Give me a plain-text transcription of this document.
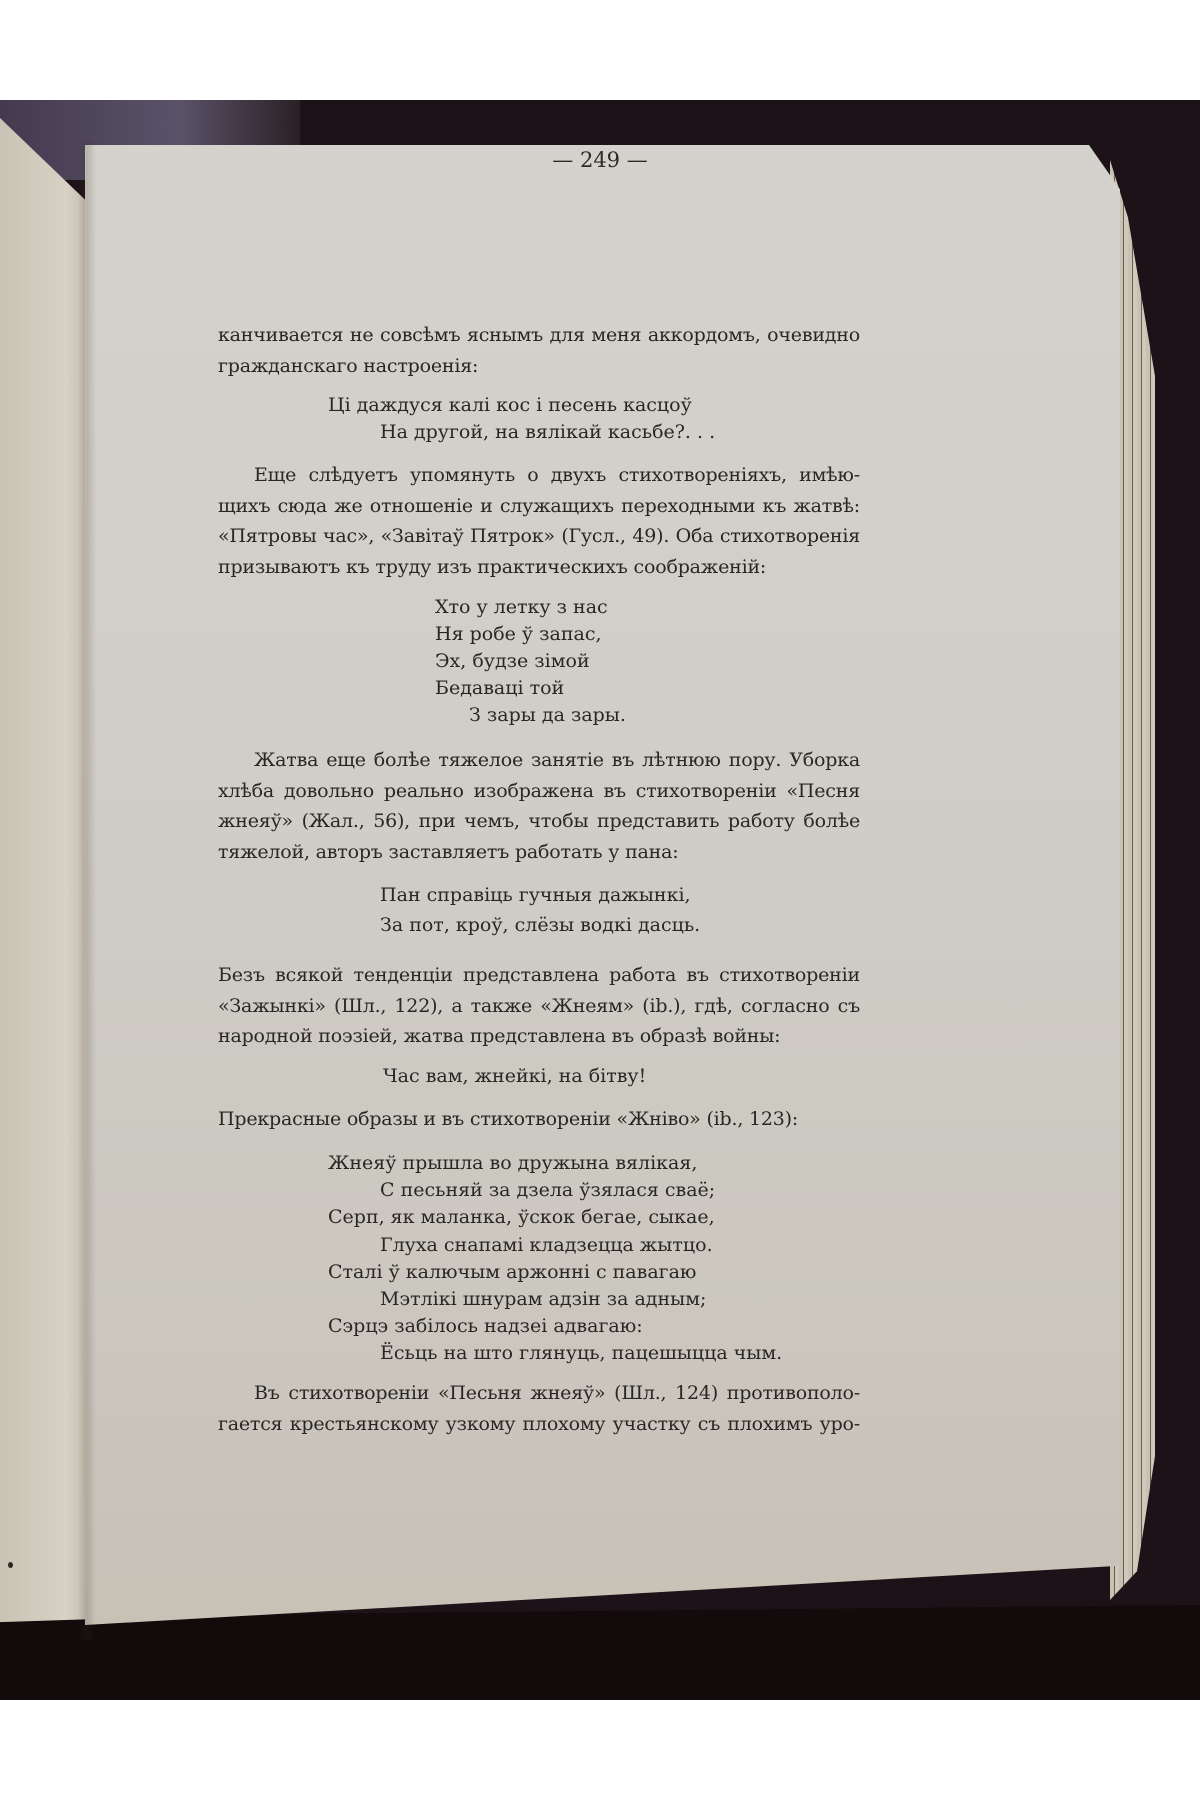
— 249 —
канчивается не совсѣмъ яснымъ для меня аккордомъ, очевидно
гражданскаго настроенія:
Ці даждуся калі кос і песень касцоў
На другой, на вялікай касьбе?. . .
Еще слѣдуетъ упомянуть о двухъ стихотвореніяхъ, имѣю-
щихъ сюда же отношеніе и служащихъ переходными къ жатвѣ:
«Пятровы час», «Завітаў Пятрок» (Гусл., 49). Оба стихотворенія
призываютъ къ труду изъ практическихъ соображеній:
Хто у летку з нас
Ня робе ў запас,
Эх, будзе зімой
Бедаваці той
З зары да зары.
Жатва еще болѣе тяжелое занятіе въ лѣтнюю пору. Уборка
хлѣба довольно реально изображена въ стихотвореніи «Песня
жнеяў» (Жал., 56), при чемъ, чтобы представить работу болѣе
тяжелой, авторъ заставляетъ работать у пана:
Пан справіць гучныя дажынкі,
За пот, кроў, слёзы водкі дасць.
Безъ всякой тенденціи представлена работа въ стихотвореніи
«Зажынкі» (Шл., 122), а также «Жнеям» (ib.), гдѣ, согласно съ
народной поэзіей, жатва представлена въ образѣ войны:
Час вам, жнейкі, на бітву!
Прекрасные образы и въ стихотвореніи «Жніво» (ib., 123):
Жнеяў прышла во дружына вялікая,
С песьняй за дзела ўзялася сваё;
Серп, як маланка, ўскок бегае, сыкае,
Глуха снапамі кладзецца жытцо.
Сталі ў калючым аржонні с павагаю
Мэтлікі шнурам адзін за адным;
Сэрцэ забілось надзеі адвагаю:
Ёсьць на што глянуць, пацешыцца чым.
Въ стихотвореніи «Песьня жнеяў» (Шл., 124) противополо-
гается крестьянскому узкому плохому участку съ плохимъ уро-
